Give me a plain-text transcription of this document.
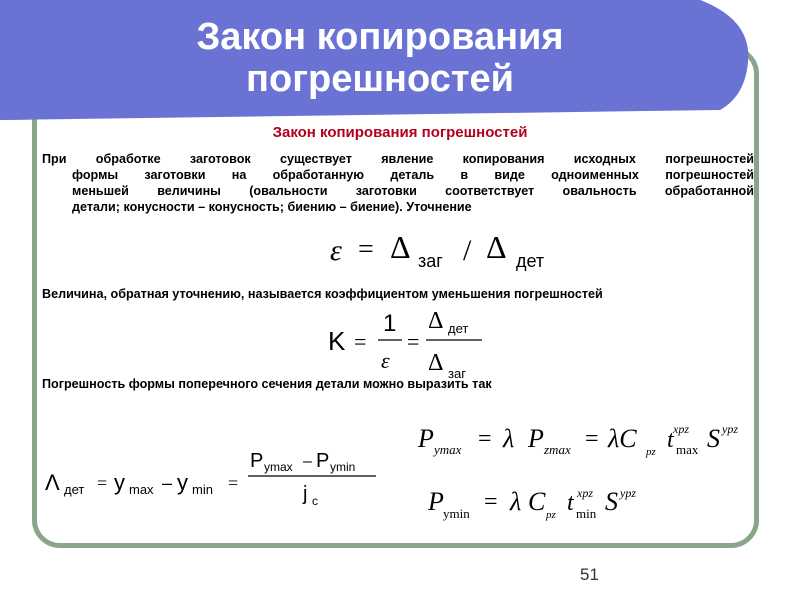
Закон копирования
погрешностей
Закон копирования погрешностей
При обработке заготовок существует явление копирования исходных погрешностей
формы заготовки на обработанную деталь в виде одноименных погрешностей
меньшей величины (овальности заготовки соответствует овальность обработанной
детали; конусности – конусность; биению – биение). Уточнение
Величина, обратная уточнению, называется коэффициентом уменьшения погрешностей
Погрешность формы поперечного сечения детали можно выразить так
ε = Δ заг / Δ дет
K =
1
ε
=
Δ дет
Δ заг
Λ дет = y max – y min =
P ymax – P ymin
j c
P ymax = λ P zmax = λC pz t xpz
max S ypz
P ymin = λ C pz t xpz
min S ypz
51
